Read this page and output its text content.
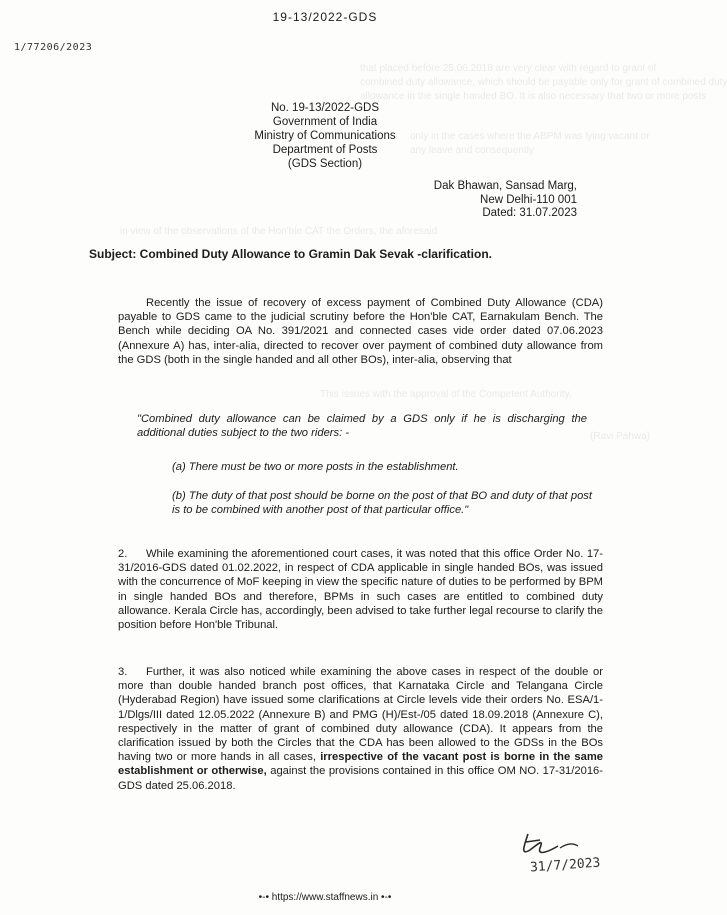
that placed before 25.06.2018 are very clear with regard to grant of
combined duty allowance, which should be payable only for grant of combined duty
allowance in the single handed BO. It is also necessary that two or more posts
only in the cases where the ABPM was lying vacant or
any leave and consequently
in view of the observations of the Hon'ble CAT the Orders, the aforesaid
This issues with the approval of the Competent Authority.
(Ravi Pahwa)
19-13/2022-GDS
1/77206/2023
No. 19-13/2022-GDS
Government of India
Ministry of Communications
Department of Posts
(GDS Section)
Dak Bhawan, Sansad Marg,
New Delhi-110 001
Dated: 31.07.2023
Subject: Combined Duty Allowance to Gramin Dak Sevak -clarification.
Recently the issue of recovery of excess payment of Combined Duty Allowance (CDA) payable to GDS came to the judicial scrutiny before the Hon'ble CAT, Earnakulam Bench. The Bench while deciding OA No. 391/2021 and connected cases vide order dated 07.06.2023 (Annexure A) has, inter-alia, directed to recover over payment of combined duty allowance from the GDS (both in the single handed and all other BOs), inter-alia, observing that
"Combined duty allowance can be claimed by a GDS only if he is discharging the additional duties subject to the two riders: -
(a) There must be two or more posts in the establishment.
(b) The duty of that post should be borne on the post of that BO and duty of that post is to be combined with another post of that particular office."
2. While examining the aforementioned court cases, it was noted that this office Order No. 17-31/2016-GDS dated 01.02.2022, in respect of CDA applicable in single handed BOs, was issued with the concurrence of MoF keeping in view the specific nature of duties to be performed by BPM in single handed BOs and therefore, BPMs in such cases are entitled to combined duty allowance. Kerala Circle has, accordingly, been advised to take further legal recourse to clarify the position before Hon'ble Tribunal.
3. Further, it was also noticed while examining the above cases in respect of the double or more than double handed branch post offices, that Karnataka Circle and Telangana Circle (Hyderabad Region) have issued some clarifications at Circle levels vide their orders No. ESA/1-1/Dlgs/III dated 12.05.2022 (Annexure B) and PMG (H)/Est-/05 dated 18.09.2018 (Annexure C), respectively in the matter of grant of combined duty allowance (CDA). It appears from the clarification issued by both the Circles that the CDA has been allowed to the GDSs in the BOs having two or more hands in all cases, irrespective of the vacant post is borne in the same establishment or otherwise, against the provisions contained in this office OM NO. 17-31/2016-GDS dated 25.06.2018.
31/7/2023
•-• https://www.staffnews.in •-•
